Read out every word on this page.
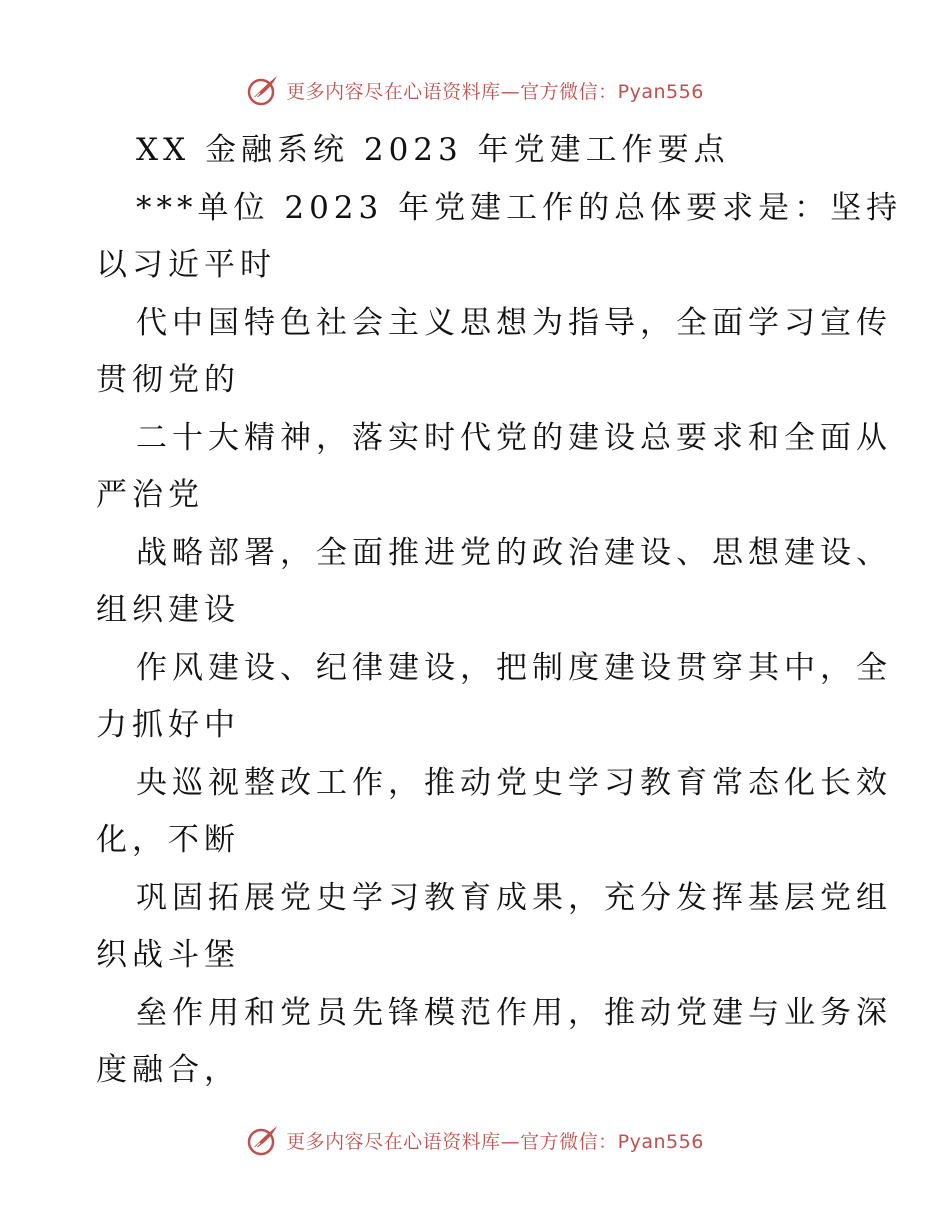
更多内容尽在心语资料库—官方微信：Pyan556
XX 金融系统 2023 年党建工作要点
***单位 2023 年党建工作的总体要求是：坚持
以习近平时
代中国特色社会主义思想为指导，全面学习宣传
贯彻党的
二十大精神，落实时代党的建设总要求和全面从
严治党
战略部署，全面推进党的政治建设、思想建设、
组织建设
作风建设、纪律建设，把制度建设贯穿其中，全
力抓好中
央巡视整改工作，推动党史学习教育常态化长效
化，不断
巩固拓展党史学习教育成果，充分发挥基层党组
织战斗堡
垒作用和党员先锋模范作用，推动党建与业务深
度融合，
更多内容尽在心语资料库—官方微信：Pyan556
